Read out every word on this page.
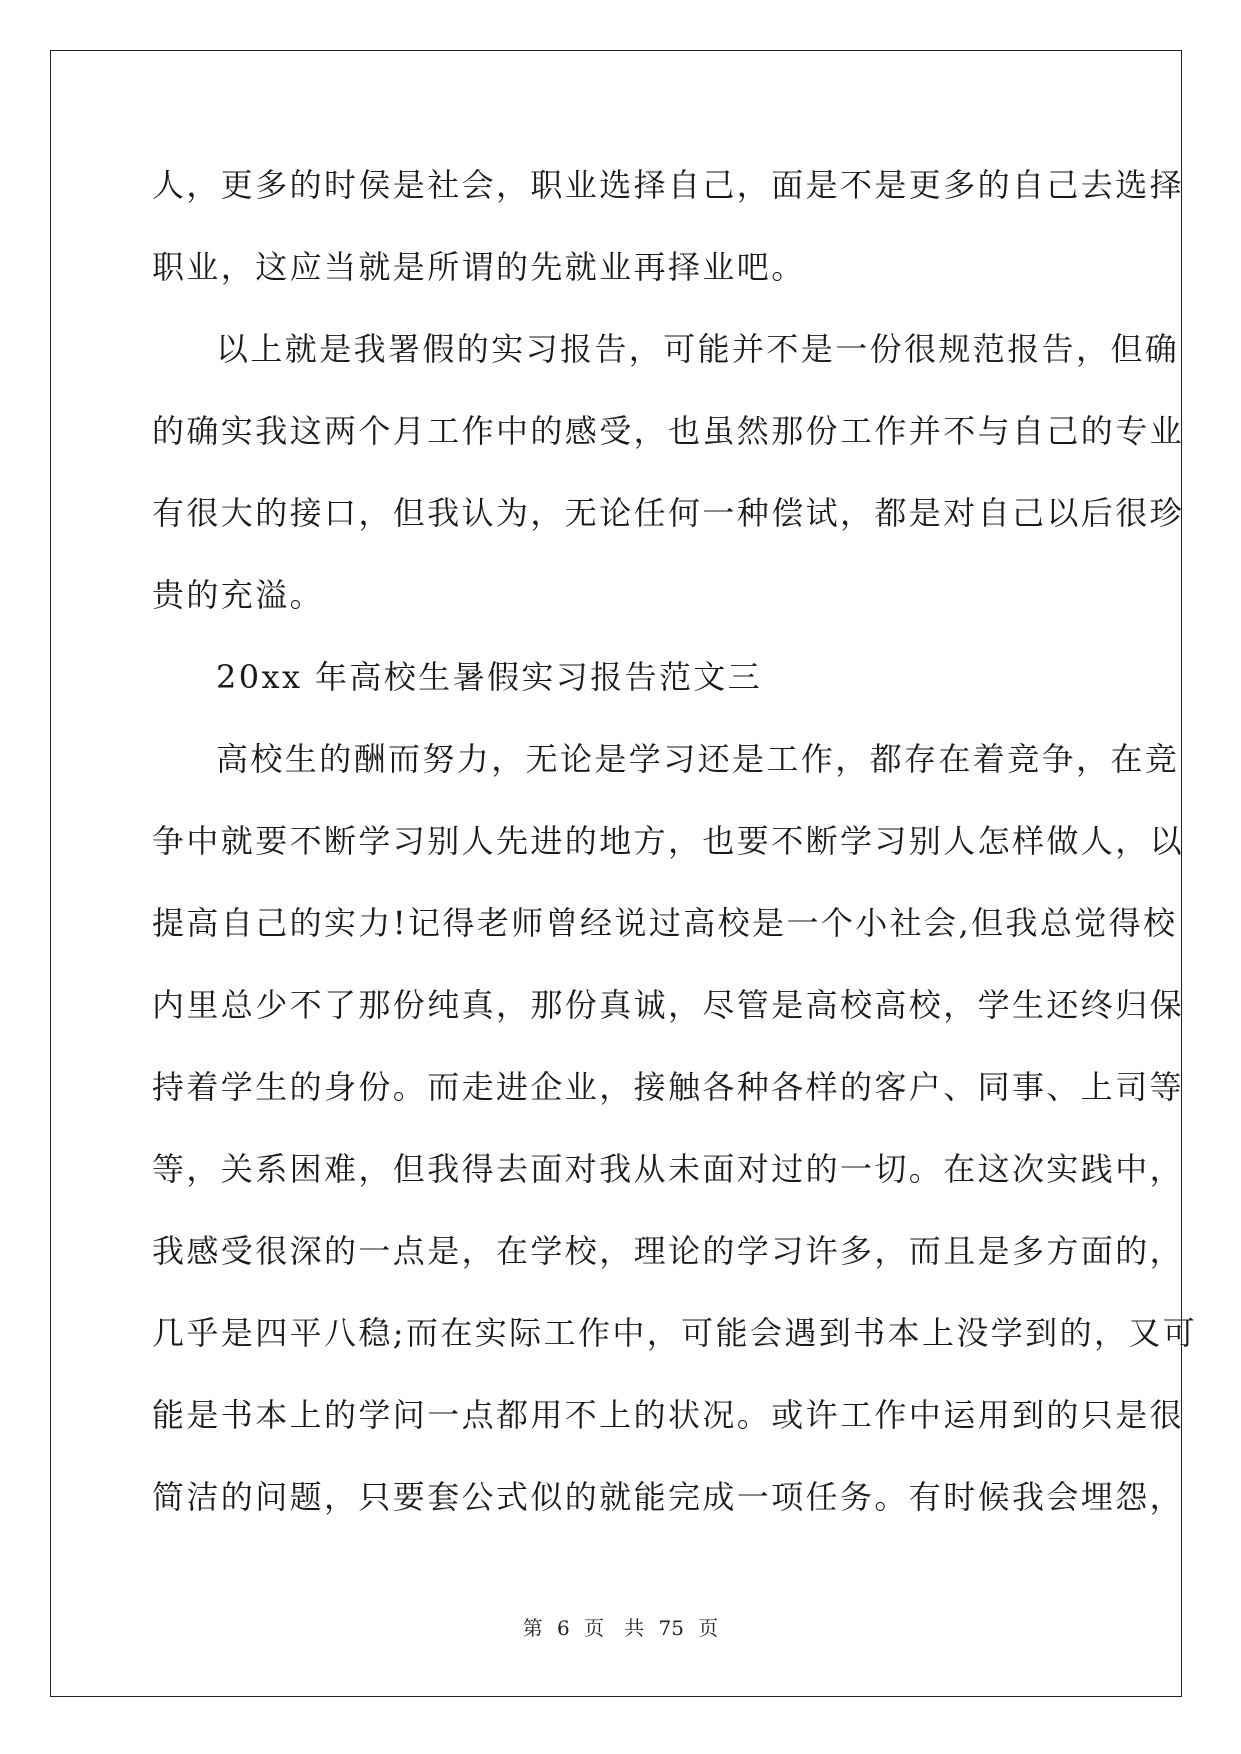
人，更多的时侯是社会，职业选择自己，面是不是更多的自己去选择
职业，这应当就是所谓的先就业再择业吧。
以上就是我署假的实习报告，可能并不是一份很规范报告，但确
的确实我这两个月工作中的感受，也虽然那份工作并不与自己的专业
有很大的接口，但我认为，无论任何一种偿试，都是对自己以后很珍
贵的充溢。
20xx 年高校生暑假实习报告范文三
高校生的酬而努力，无论是学习还是工作，都存在着竞争，在竞
争中就要不断学习别人先进的地方，也要不断学习别人怎样做人，以
提高自己的实力!记得老师曾经说过高校是一个小社会,但我总觉得校
内里总少不了那份纯真，那份真诚，尽管是高校高校，学生还终归保
持着学生的身份。而走进企业，接触各种各样的客户、同事、上司等
等，关系困难，但我得去面对我从未面对过的一切。在这次实践中，
我感受很深的一点是，在学校，理论的学习许多，而且是多方面的，
几乎是四平八稳;而在实际工作中，可能会遇到书本上没学到的，又可
能是书本上的学问一点都用不上的状况。或许工作中运用到的只是很
简洁的问题，只要套公式似的就能完成一项任务。有时候我会埋怨，
第 6 页　共 75 页
